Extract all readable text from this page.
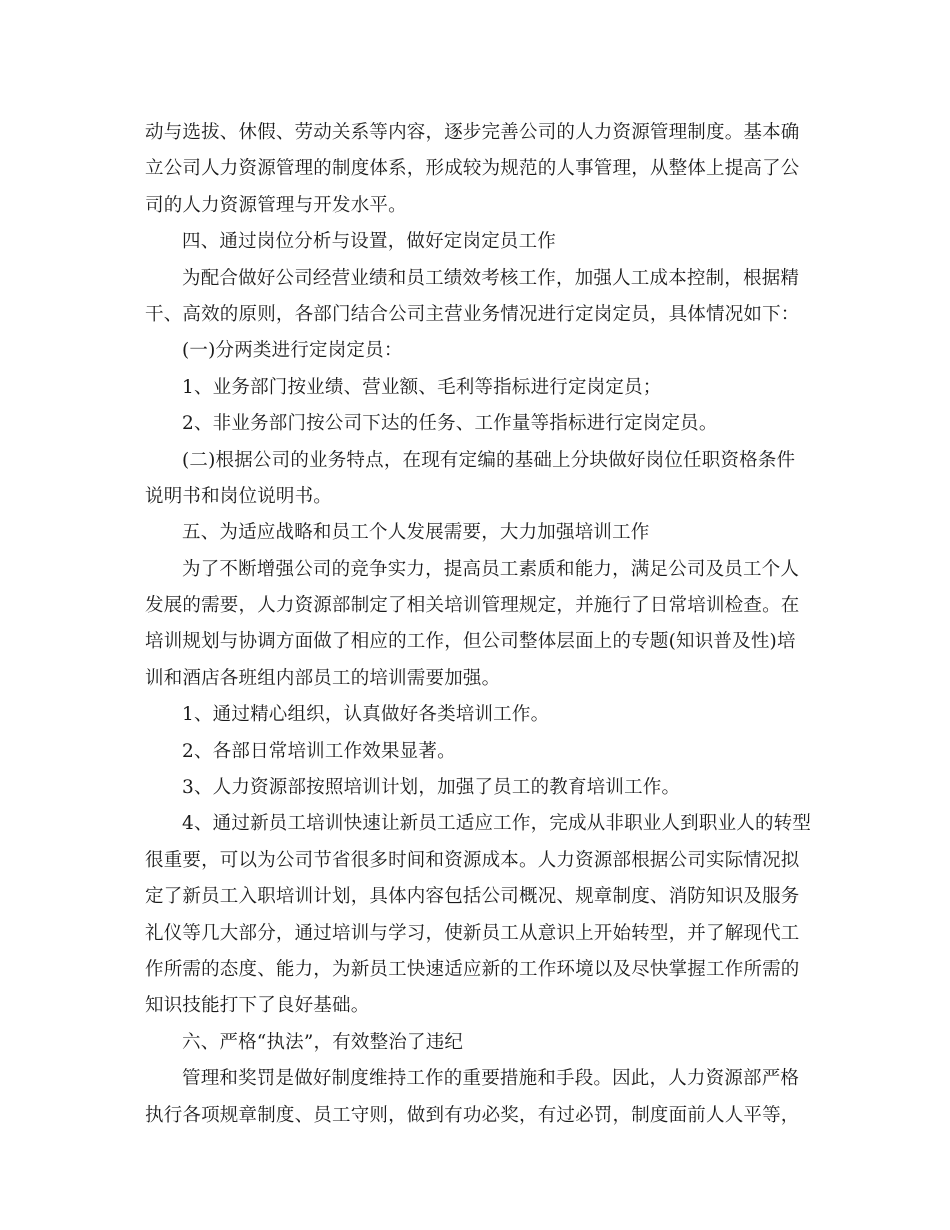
动与选拔、休假、劳动关系等内容，逐步完善公司的人力资源管理制度。基本确
立公司人力资源管理的制度体系，形成较为规范的人事管理，从整体上提高了公
司的人力资源管理与开发水平。
四、通过岗位分析与设置，做好定岗定员工作
为配合做好公司经营业绩和员工绩效考核工作，加强人工成本控制，根据精
干、高效的原则，各部门结合公司主营业务情况进行定岗定员，具体情况如下：
(一)分两类进行定岗定员：
1、业务部门按业绩、营业额、毛利等指标进行定岗定员；
2、非业务部门按公司下达的任务、工作量等指标进行定岗定员。
(二)根据公司的业务特点，在现有定编的基础上分块做好岗位任职资格条件
说明书和岗位说明书。
五、为适应战略和员工个人发展需要，大力加强培训工作
为了不断增强公司的竞争实力，提高员工素质和能力，满足公司及员工个人
发展的需要，人力资源部制定了相关培训管理规定，并施行了日常培训检查。在
培训规划与协调方面做了相应的工作，但公司整体层面上的专题(知识普及性)培
训和酒店各班组内部员工的培训需要加强。
1、通过精心组织，认真做好各类培训工作。
2、各部日常培训工作效果显著。
3、人力资源部按照培训计划，加强了员工的教育培训工作。
4、通过新员工培训快速让新员工适应工作，完成从非职业人到职业人的转型
很重要，可以为公司节省很多时间和资源成本。人力资源部根据公司实际情况拟
定了新员工入职培训计划，具体内容包括公司概况、规章制度、消防知识及服务
礼仪等几大部分，通过培训与学习，使新员工从意识上开始转型，并了解现代工
作所需的态度、能力，为新员工快速适应新的工作环境以及尽快掌握工作所需的
知识技能打下了良好基础。
六、严格“执法”，有效整治了违纪
管理和奖罚是做好制度维持工作的重要措施和手段。因此，人力资源部严格
执行各项规章制度、员工守则，做到有功必奖，有过必罚，制度面前人人平等，
